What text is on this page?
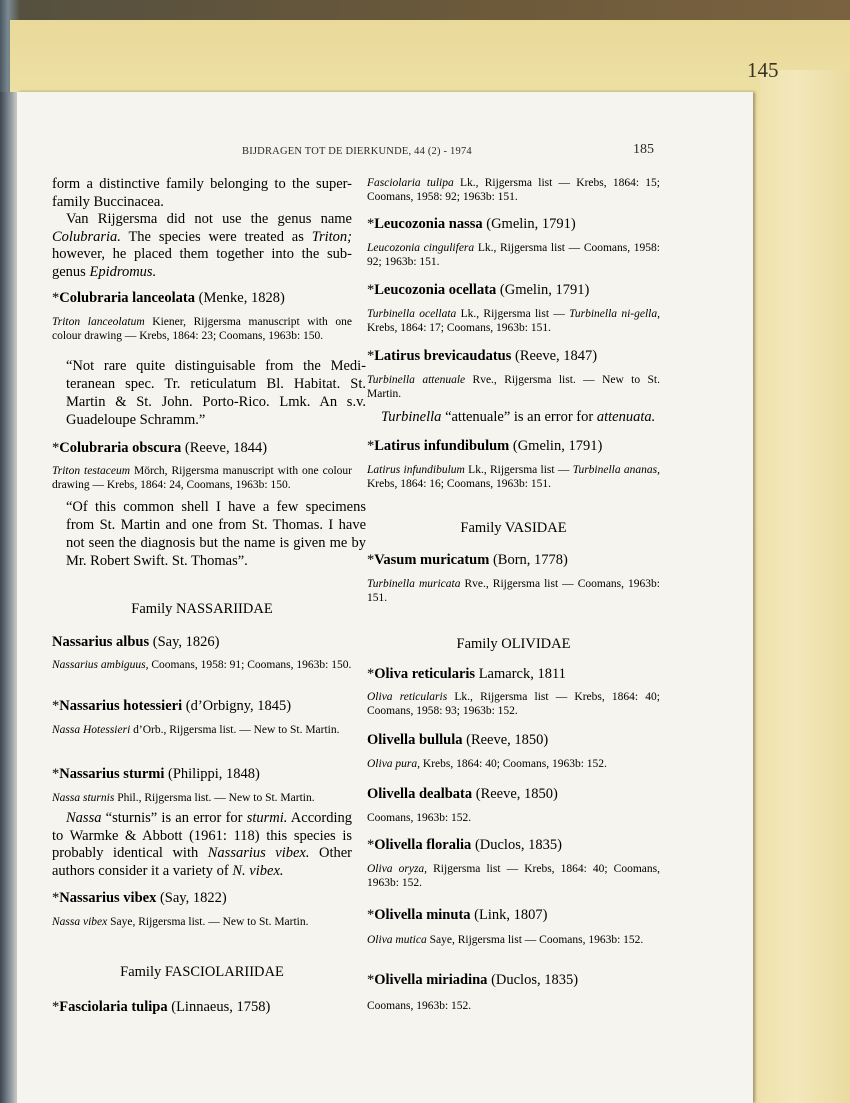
145
BIJDRAGEN TOT DE DIERKUNDE, 44 (2) - 1974	185
form a distinctive family belonging to the super-family Buccinacea.
Van Rijgersma did not use the genus name Colubraria. The species were treated as Triton; however, he placed them together into the sub-genus Epidromus.
*Colubraria lanceolata (Menke, 1828)
Triton lanceolatum Kiener, Rijgersma manuscript with one colour drawing — Krebs, 1864: 23; Coomans, 1963b: 150.
“Not rare quite distinguisable from the Medi-teranean spec. Tr. reticulatum Bl. Habitat. St. Martin & St. John. Porto-Rico. Lmk. An s.v. Guadeloupe Schramm.”
*Colubraria obscura (Reeve, 1844)
Triton testaceum Mörch, Rijgersma manuscript with one colour drawing — Krebs, 1864: 24, Coomans, 1963b: 150.
“Of this common shell I have a few specimens from St. Martin and one from St. Thomas. I have not seen the diagnosis but the name is given me by Mr. Robert Swift. St. Thomas”.
Family NASSARIIDAE
Nassarius albus (Say, 1826)
Nassarius ambiguus, Coomans, 1958: 91; Coomans, 1963b: 150.
*Nassarius hotessieri (d’Orbigny, 1845)
Nassa Hotessieri d’Orb., Rijgersma list. — New to St. Martin.
*Nassarius sturmi (Philippi, 1848)
Nassa sturnis Phil., Rijgersma list. — New to St. Martin.
Nassa “sturnis” is an error for sturmi. According to Warmke & Abbott (1961: 118) this species is probably identical with Nassarius vibex. Other authors consider it a variety of N. vibex.
*Nassarius vibex (Say, 1822)
Nassa vibex Saye, Rijgersma list. — New to St. Martin.
Family FASCIOLARIIDAE
*Fasciolaria tulipa (Linnaeus, 1758)
Fasciolaria tulipa Lk., Rijgersma list — Krebs, 1864: 15; Coomans, 1958: 92; 1963b: 151.
*Leucozonia nassa (Gmelin, 1791)
Leucozonia cingulifera Lk., Rijgersma list — Coomans, 1958: 92; 1963b: 151.
*Leucozonia ocellata (Gmelin, 1791)
Turbinella ocellata Lk., Rijgersma list — Turbinella ni-gella, Krebs, 1864: 17; Coomans, 1963b: 151.
*Latirus brevicaudatus (Reeve, 1847)
Turbinella attenuale Rve., Rijgersma list. — New to St. Martin.
Turbinella “attenuale” is an error for attenuata.
*Latirus infundibulum (Gmelin, 1791)
Latirus infundibulum Lk., Rijgersma list — Turbinella ananas, Krebs, 1864: 16; Coomans, 1963b: 151.
Family VASIDAE
*Vasum muricatum (Born, 1778)
Turbinella muricata Rve., Rijgersma list — Coomans, 1963b: 151.
Family OLIVIDAE
*Oliva reticularis Lamarck, 1811
Oliva reticularis Lk., Rijgersma list — Krebs, 1864: 40; Coomans, 1958: 93; 1963b: 152.
Olivella bullula (Reeve, 1850)
Oliva pura, Krebs, 1864: 40; Coomans, 1963b: 152.
Olivella dealbata (Reeve, 1850)
Coomans, 1963b: 152.
*Olivella floralia (Duclos, 1835)
Oliva oryza, Rijgersma list — Krebs, 1864: 40; Coomans, 1963b: 152.
*Olivella minuta (Link, 1807)
Oliva mutica Saye, Rijgersma list — Coomans, 1963b: 152.
*Olivella miriadina (Duclos, 1835)
Coomans, 1963b: 152.
